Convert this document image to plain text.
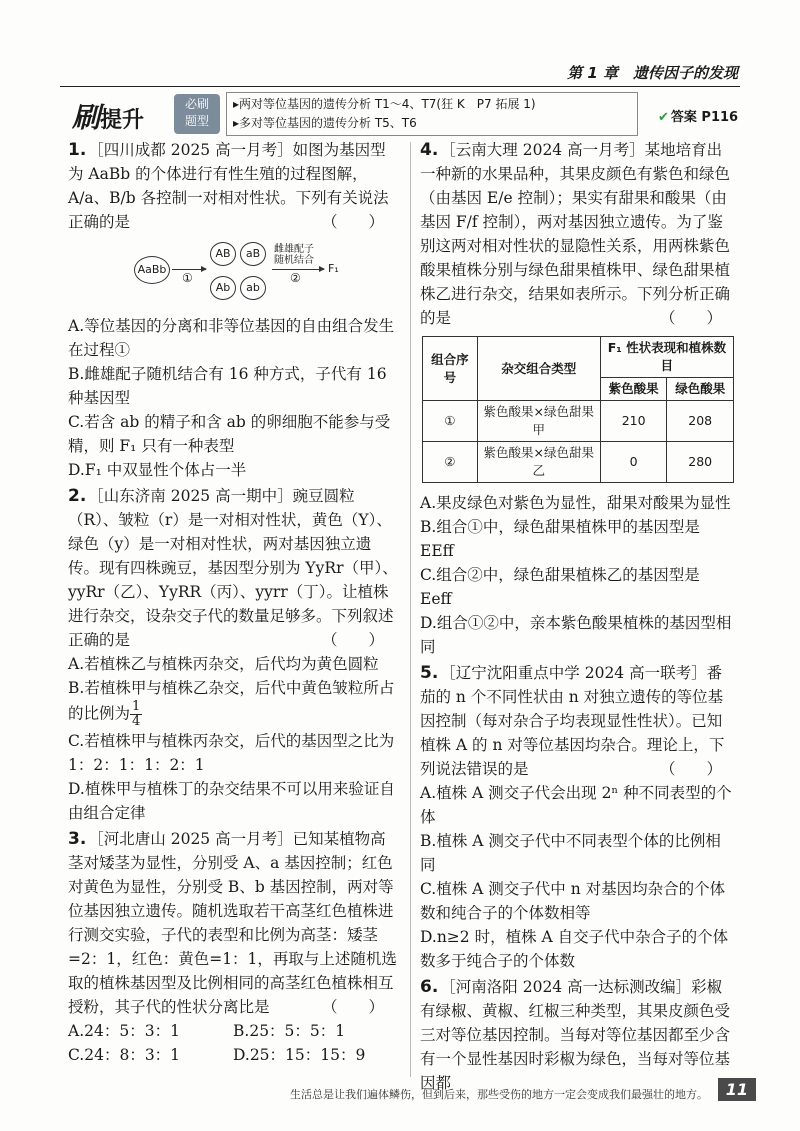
第 1 章　遗传因子的发现
刷提升
必刷
题型
▸两对等位基因的遗传分析 T1～4、T7(狂 K　P7 拓展 1)
▸多对等位基因的遗传分析 T5、T6	✔ 答案 P116
1. ［四川成都 2025 高一月考］如图为基因型为 AaBb 的个体进行有性生殖的过程图解，A/a、B/b 各控制一对相对性状。下列有关说法正确的是	（　　）
AaBb
①
AB	aB
Ab	ab
雌雄配子
随机结合
②
F₁
A.等位基因的分离和非等位基因的自由组合发生在过程①
B.雌雄配子随机结合有 16 种方式，子代有 16 种基因型
C.若含 ab 的精子和含 ab 的卵细胞不能参与受精，则 F₁ 只有一种表型
D.F₁ 中双显性个体占一半
2. ［山东济南 2025 高一期中］豌豆圆粒（R）、皱粒（r）是一对相对性状，黄色（Y）、绿色（y）是一对相对性状，两对基因独立遗传。现有四株豌豆，基因型分别为 YyRr（甲）、yyRr（乙）、YyRR（丙）、yyrr（丁）。让植株进行杂交，设杂交子代的数量足够多。下列叙述正确的是	（　　）
A.若植株乙与植株丙杂交，后代均为黄色圆粒
B.若植株甲与植株乙杂交，后代中黄色皱粒所占的比例为 $\frac{1}{4}$
C.若植株甲与植株丙杂交，后代的基因型之比为 1：2：1：1：2：1
D.植株甲与植株丁的杂交结果不可以用来验证自由组合定律
3. ［河北唐山 2025 高一月考］已知某植物高茎对矮茎为显性，分别受 A、a 基因控制；红色对黄色为显性，分别受 B、b 基因控制，两对等位基因独立遗传。随机选取若干高茎红色植株进行测交实验，子代的表型和比例为高茎：矮茎=2：1，红色：黄色=1：1，再取与上述随机选取的植株基因型及比例相同的高茎红色植株相互授粉，其子代的性状分离比是	（　　）
A.24：5：3：1	B.25：5：5：1
C.24：8：3：1	D.25：15：15：9
4. ［云南大理 2024 高一月考］某地培育出一种新的水果品种，其果皮颜色有紫色和绿色（由基因 E/e 控制）；果实有甜果和酸果（由基因 F/f 控制），两对基因独立遗传。为了鉴别这两对相对性状的显隐性关系，用两株紫色酸果植株分别与绿色甜果植株甲、绿色甜果植株乙进行杂交，结果如表所示。下列分析正确的是	（　　）
组合序号	杂交组合类型	F₁ 性状表现和植株数目	
		紫色酸果	绿色酸果
①	紫色酸果×绿色甜果甲	210	208
②	紫色酸果×绿色甜果乙	0	280
A.果皮绿色对紫色为显性，甜果对酸果为显性
B.组合①中，绿色甜果植株甲的基因型是 EEff
C.组合②中，绿色甜果植株乙的基因型是 Eeff
D.组合①②中，亲本紫色酸果植株的基因型相同
5. ［辽宁沈阳重点中学 2024 高一联考］番茄的 n 个不同性状由 n 对独立遗传的等位基因控制（每对杂合子均表现显性性状）。已知植株 A 的 n 对等位基因均杂合。理论上，下列说法错误的是	（　　）
A.植株 A 测交子代会出现 2ⁿ 种不同表型的个体
B.植株 A 测交子代中不同表型个体的比例相同
C.植株 A 测交子代中 n 对基因均杂合的个体数和纯合子的个体数相等
D.n≥2 时，植株 A 自交子代中杂合子的个体数多于纯合子的个体数
6. ［河南洛阳 2024 高一达标测改编］彩椒有绿椒、黄椒、红椒三种类型，其果皮颜色受三对等位基因控制。当每对等位基因都至少含有一个显性基因时彩椒为绿色，当每对等位基因都
生活总是让我们遍体鳞伤，但到后来，那些受伤的地方一定会变成我们最强壮的地方。	11
